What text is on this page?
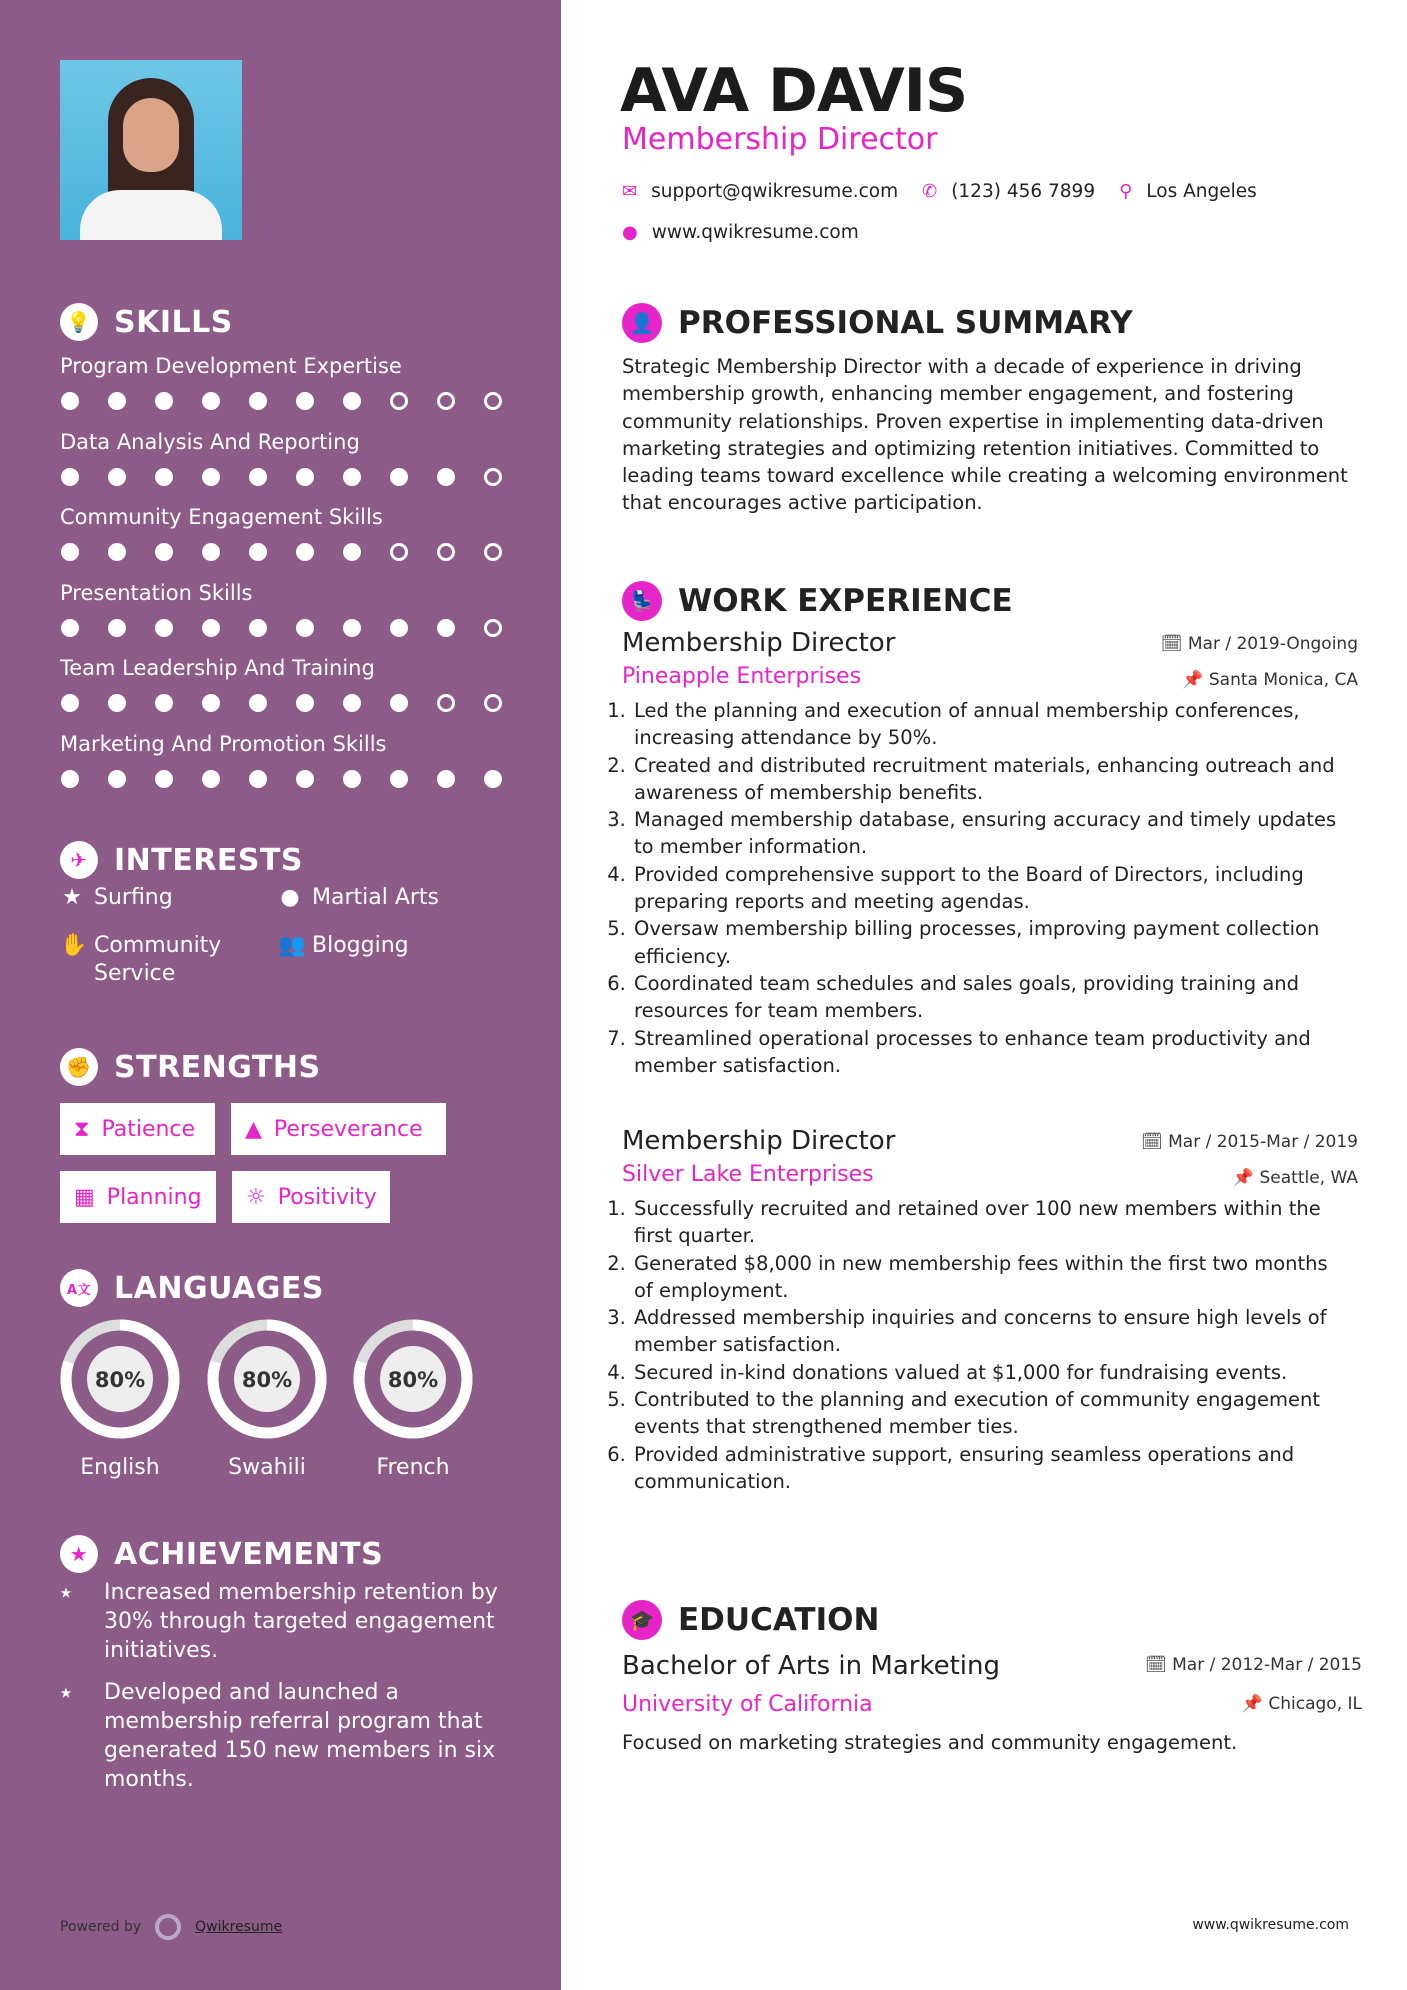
💡 SKILLS
Program Development Expertise
Data Analysis And Reporting
Community Engagement Skills
Presentation Skills
Team Leadership And Training
Marketing And Promotion Skills
✈ INTERESTS
★ Surfing	● Martial Arts
✋ Community Service
👥 Blogging
✊ STRENGTHS
⧗ Patience ▲ Perseverance
▦ Planning ☼ Positivity
A文 LANGUAGES
80%
English
80%
Swahili
80%
French
★ ACHIEVEMENTS
⭑	Increased membership retention by 30% through targeted engagement initiatives.
⭑	Developed and launched a membership referral program that generated 150 new members in six months.
Powered by	Qwikresume	www.qwikresume.com
AVA DAVIS
Membership Director
✉ support@qwikresume.com ✆ (123) 456 7899 ⚲ Los Angeles
● www.qwikresume.com
👤 PROFESSIONAL SUMMARY
Strategic Membership Director with a decade of experience in driving membership growth, enhancing member engagement, and fostering community relationships. Proven expertise in implementing data-driven marketing strategies and optimizing retention initiatives. Committed to leading teams toward excellence while creating a welcoming environment that encourages active participation.
💺 WORK EXPERIENCE
Membership Director
Pineapple Enterprises
🗓 Mar / 2019-Ongoing
📌 Santa Monica, CA
1. Led the planning and execution of annual membership conferences, increasing attendance by 50%.
2. Created and distributed recruitment materials, enhancing outreach and awareness of membership benefits.
3. Managed membership database, ensuring accuracy and timely updates to member information.
4. Provided comprehensive support to the Board of Directors, including preparing reports and meeting agendas.
5. Oversaw membership billing processes, improving payment collection efficiency.
6. Coordinated team schedules and sales goals, providing training and resources for team members.
7. Streamlined operational processes to enhance team productivity and member satisfaction.
Membership Director
Silver Lake Enterprises
🗓 Mar / 2015-Mar / 2019
📌 Seattle, WA
1. Successfully recruited and retained over 100 new members within the first quarter.
2. Generated $8,000 in new membership fees within the first two months of employment.
3. Addressed membership inquiries and concerns to ensure high levels of member satisfaction.
4. Secured in-kind donations valued at $1,000 for fundraising events.
5. Contributed to the planning and execution of community engagement events that strengthened member ties.
6. Provided administrative support, ensuring seamless operations and communication.
🎓 EDUCATION
Bachelor of Arts in Marketing
University of California
🗓 Mar / 2012-Mar / 2015
📌 Chicago, IL
Focused on marketing strategies and community engagement.
